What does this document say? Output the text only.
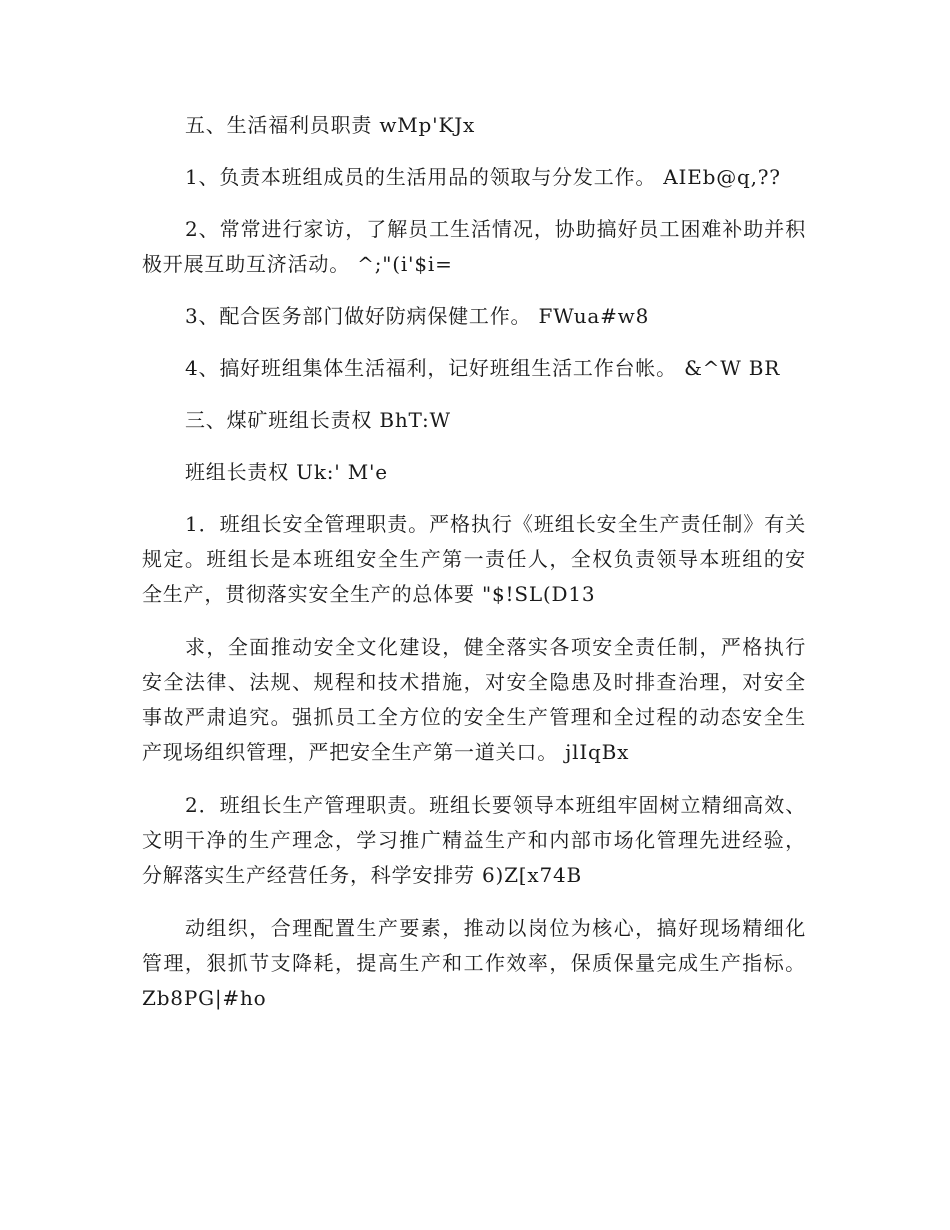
五、生活福利员职责 wMp'KJx

1、负责本班组成员的生活用品的领取与分发工作。 AIEb@q,??

2、常常进行家访，了解员工生活情况，协助搞好员工困难补助并积极开展互助互济活动。 ^;"(i'$i=

3、配合医务部门做好防病保健工作。 FWua#w8

4、搞好班组集体生活福利，记好班组生活工作台帐。 &^W BR

三、煤矿班组长责权 BhT:W

班组长责权 Uk:' M'e

1．班组长安全管理职责。严格执行《班组长安全生产责任制》有关规定。班组长是本班组安全生产第一责任人，全权负责领导本班组的安全生产，贯彻落实安全生产的总体要 "$!SL(D13

求，全面推动安全文化建设，健全落实各项安全责任制，严格执行安全法律、法规、规程和技术措施，对安全隐患及时排查治理，对安全事故严肃追究。强抓员工全方位的安全生产管理和全过程的动态安全生产现场组织管理，严把安全生产第一道关口。 jlIqBx

2．班组长生产管理职责。班组长要领导本班组牢固树立精细高效、文明干净的生产理念，学习推广精益生产和内部市场化管理先进经验，分解落实生产经营任务，科学安排劳 6)Z[x74B

动组织，合理配置生产要素，推动以岗位为核心，搞好现场精细化管理，狠抓节支降耗，提高生产和工作效率，保质保量完成生产指标。 Zb8PG|#ho
